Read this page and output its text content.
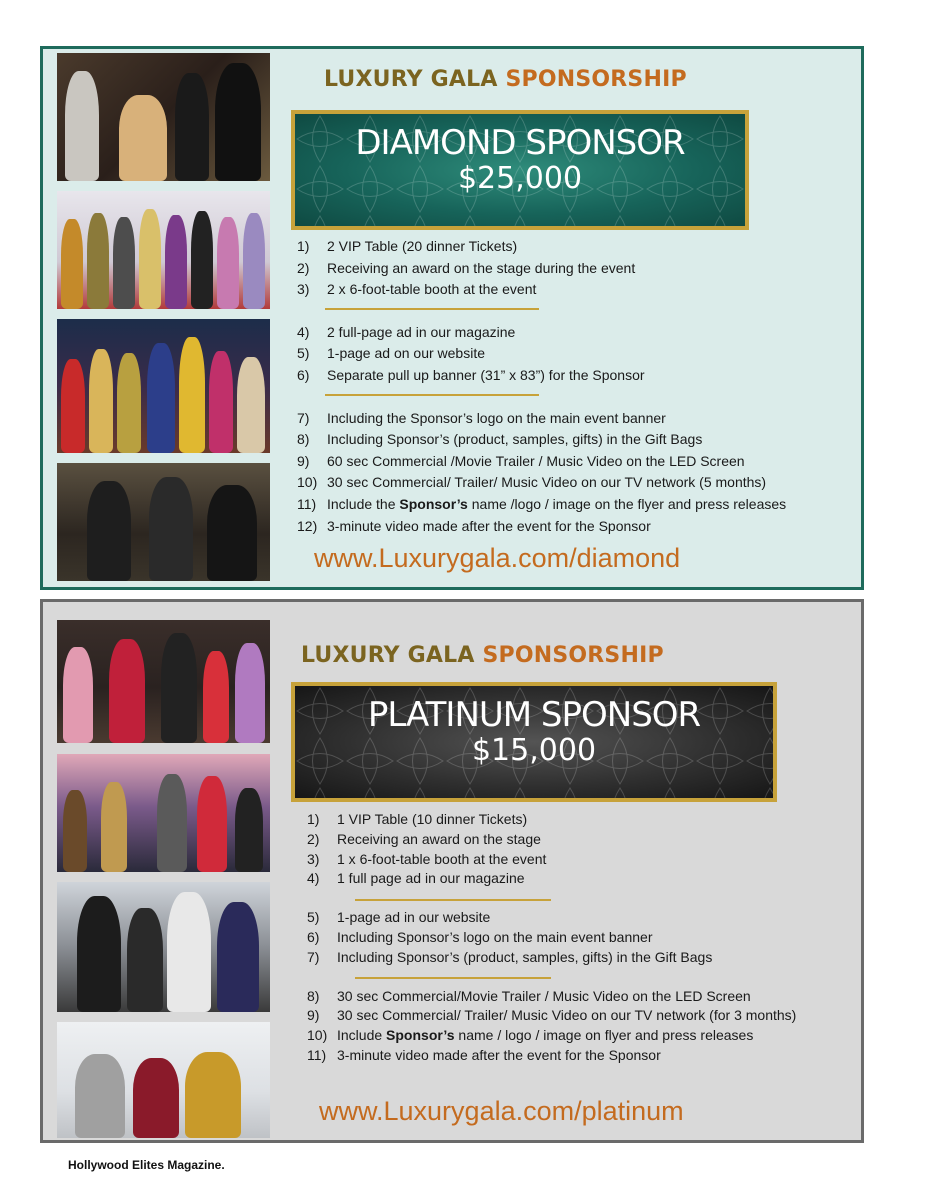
LUXURY GALA SPONSORSHIP
DIAMOND SPONSOR
$25,000
1)	2 VIP Table (20 dinner Tickets)
2)	Receiving an award on the stage during the event
3)	2 x 6-foot-table booth at the event
4)	2 full-page ad in our magazine
5)	1-page ad on our website
6)	Separate pull up banner (31” x 83”) for the Sponsor
7)	Including the Sponsor’s logo on the main event banner
8)	Including Sponsor’s (product, samples, gifts) in the Gift Bags
9)	60 sec Commercial /Movie Trailer / Music Video on the LED Screen
10) 30 sec Commercial/ Trailer/ Music Video on our TV network (5 months)
11) Include the Sponsor’s name /logo / image on the flyer and press releases
12) 3-minute video made after the event for the Sponsor
www.Luxurygala.com/diamond
LUXURY GALA SPONSORSHIP
PLATINUM SPONSOR
$15,000
1)	1 VIP Table (10 dinner Tickets)
2)	Receiving an award on the stage
3)	1 x 6-foot-table booth at the event
4)	1 full page ad in our magazine
5)	1-page ad in our website
6)	Including Sponsor’s logo on the main event banner
7)	Including Sponsor’s (product, samples, gifts) in the Gift Bags
8)	30 sec Commercial/Movie Trailer / Music Video on the LED Screen
9)	30 sec Commercial/ Trailer/ Music Video on our TV network (for 3 months)
10) Include Sponsor’s name / logo / image on flyer and press releases
11) 3-minute video made after the event for the Sponsor
www.Luxurygala.com/platinum
Hollywood Elites Magazine.
